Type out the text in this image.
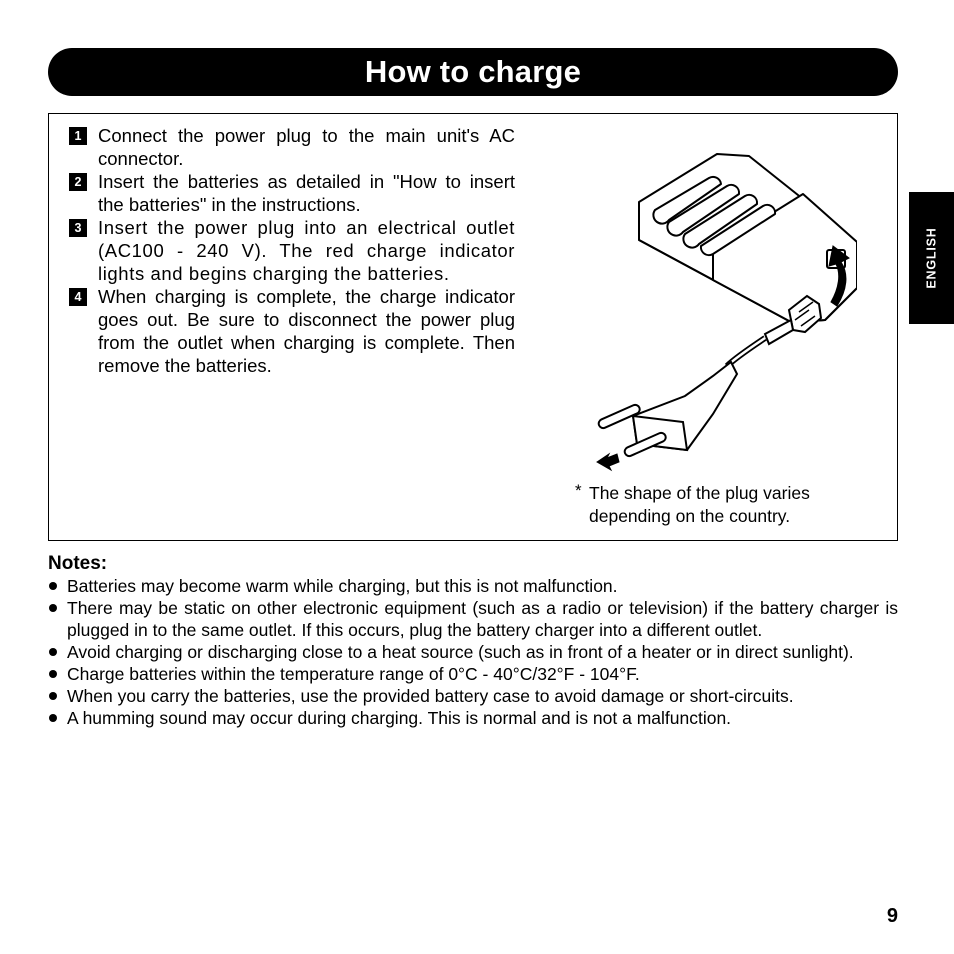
How to charge
ENGLISH
1 Connect the power plug to the main unit's AC connector.
2 Insert the batteries as detailed in "How to insert the batteries" in the instructions.
3 Insert the power plug into an electrical outlet (AC100 - 240 V). The red charge indicator lights and begins charging the batteries.
4 When charging is complete, the charge indicator goes out. Be sure to disconnect the power plug from the outlet when charging is complete. Then remove the batteries.
* The shape of the plug varies depending on the country.
Notes:
Batteries may become warm while charging, but this is not malfunction.
There may be static on other electronic equipment (such as a radio or television) if the battery charger is plugged in to the same outlet. If this occurs, plug the battery charger into a different outlet.
Avoid charging or discharging close to a heat source (such as in front of a heater or in direct sunlight).
Charge batteries within the temperature range of 0°C - 40°C/32°F - 104°F.
When you carry the batteries, use the provided battery case to avoid damage or short-circuits.
A humming sound may occur during charging. This is normal and is not a malfunction.
9
